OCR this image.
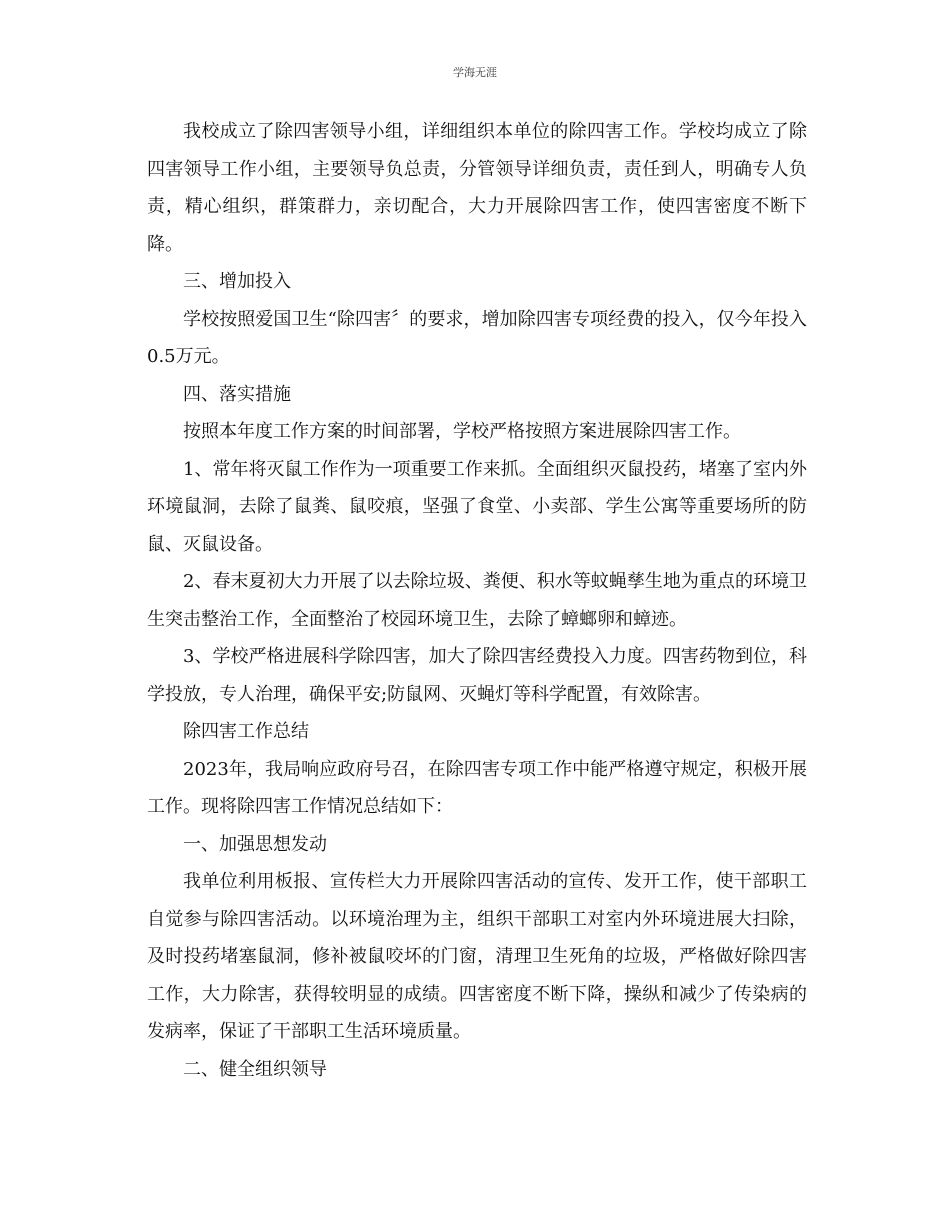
学海无涯

我校成立了除四害领导小组，详细组织本单位的除四害工作。学校均成立了除四害领导工作小组，主要领导负总责，分管领导详细负责，责任到人，明确专人负责，精心组织，群策群力，亲切配合，大力开展除四害工作，使四害密度不断下降。

三、增加投入

学校按照爱国卫生“除四害〞的要求，增加除四害专项经费的投入，仅今年投入0.5万元。

四、落实措施

按照本年度工作方案的时间部署，学校严格按照方案进展除四害工作。

1、常年将灭鼠工作作为一项重要工作来抓。全面组织灭鼠投药，堵塞了室内外环境鼠洞，去除了鼠粪、鼠咬痕，坚强了食堂、小卖部、学生公寓等重要场所的防鼠、灭鼠设备。

2、春末夏初大力开展了以去除垃圾、粪便、积水等蚊蝇孳生地为重点的环境卫生突击整治工作，全面整治了校园环境卫生，去除了蟑螂卵和蟑迹。

3、学校严格进展科学除四害，加大了除四害经费投入力度。四害药物到位，科学投放，专人治理，确保平安;防鼠网、灭蝇灯等科学配置，有效除害。

除四害工作总结

2023年，我局响应政府号召，在除四害专项工作中能严格遵守规定，积极开展工作。现将除四害工作情况总结如下：

一、加强思想发动

我单位利用板报、宣传栏大力开展除四害活动的宣传、发开工作，使干部职工自觉参与除四害活动。以环境治理为主，组织干部职工对室内外环境进展大扫除，及时投药堵塞鼠洞，修补被鼠咬坏的门窗，清理卫生死角的垃圾，严格做好除四害工作，大力除害，获得较明显的成绩。四害密度不断下降，操纵和减少了传染病的发病率，保证了干部职工生活环境质量。

二、健全组织领导
